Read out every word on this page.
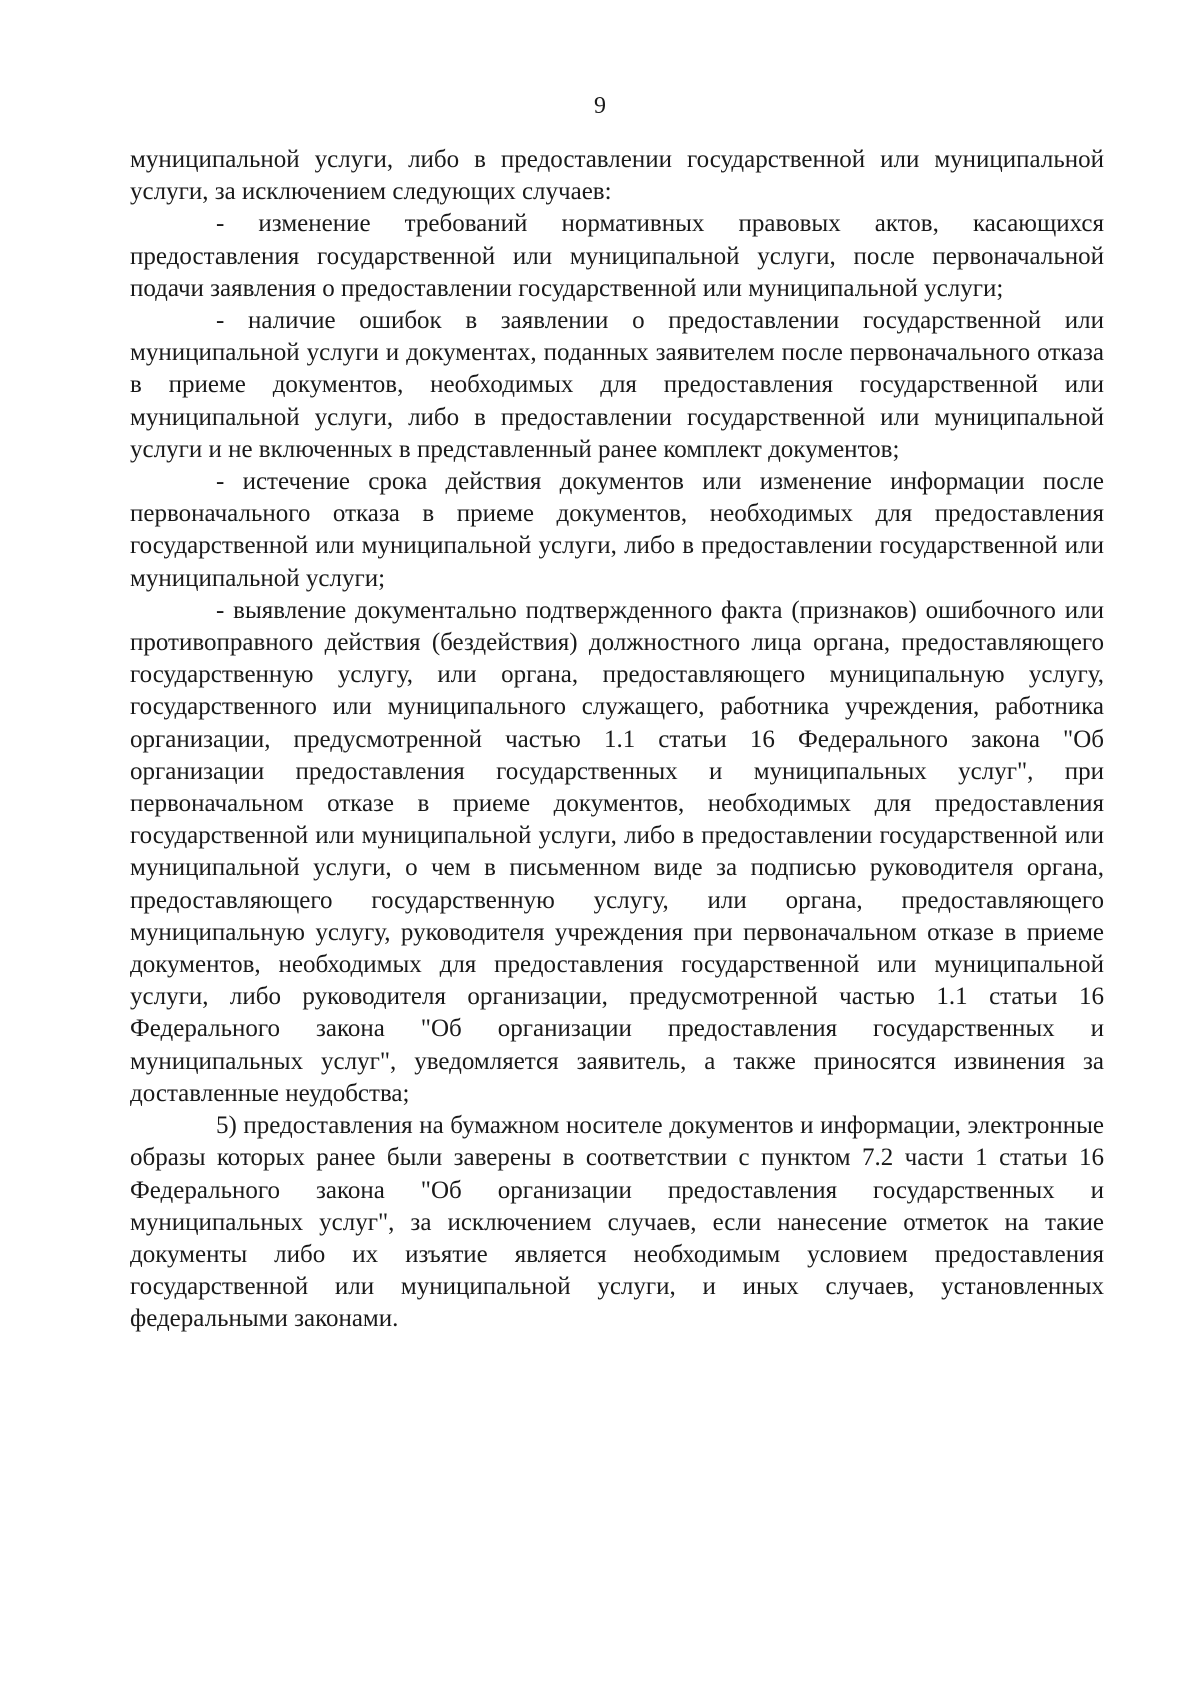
9

муниципальной услуги, либо в предоставлении государственной или муниципальной услуги, за исключением следующих случаев:

- изменение требований нормативных правовых актов, касающихся предоставления государственной или муниципальной услуги, после первоначальной подачи заявления о предоставлении государственной или муниципальной услуги;

- наличие ошибок в заявлении о предоставлении государственной или муниципальной услуги и документах, поданных заявителем после первоначального отказа в приеме документов, необходимых для предоставления государственной или муниципальной услуги, либо в предоставлении государственной или муниципальной услуги и не включенных в представленный ранее комплект документов;

- истечение срока действия документов или изменение информации после первоначального отказа в приеме документов, необходимых для предоставления государственной или муниципальной услуги, либо в предоставлении государственной или муниципальной услуги;

- выявление документально подтвержденного факта (признаков) ошибочного или противоправного действия (бездействия) должностного лица органа, предоставляющего государственную услугу, или органа, предоставляющего муниципальную услугу, государственного или муниципального служащего, работника учреждения, работника организации, предусмотренной частью 1.1 статьи 16 Федерального закона "Об организации предоставления государственных и муниципальных услуг", при первоначальном отказе в приеме документов, необходимых для предоставления государственной или муниципальной услуги, либо в предоставлении государственной или муниципальной услуги, о чем в письменном виде за подписью руководителя органа, предоставляющего государственную услугу, или органа, предоставляющего муниципальную услугу, руководителя учреждения при первоначальном отказе в приеме документов, необходимых для предоставления государственной или муниципальной услуги, либо руководителя организации, предусмотренной частью 1.1 статьи 16 Федерального закона "Об организации предоставления государственных и муниципальных услуг", уведомляется заявитель, а также приносятся извинения за доставленные неудобства;

5) предоставления на бумажном носителе документов и информации, электронные образы которых ранее были заверены в соответствии с пунктом 7.2 части 1 статьи 16 Федерального закона "Об организации предоставления государственных и муниципальных услуг", за исключением случаев, если нанесение отметок на такие документы либо их изъятие является необходимым условием предоставления государственной или муниципальной услуги, и иных случаев, установленных федеральными законами.
